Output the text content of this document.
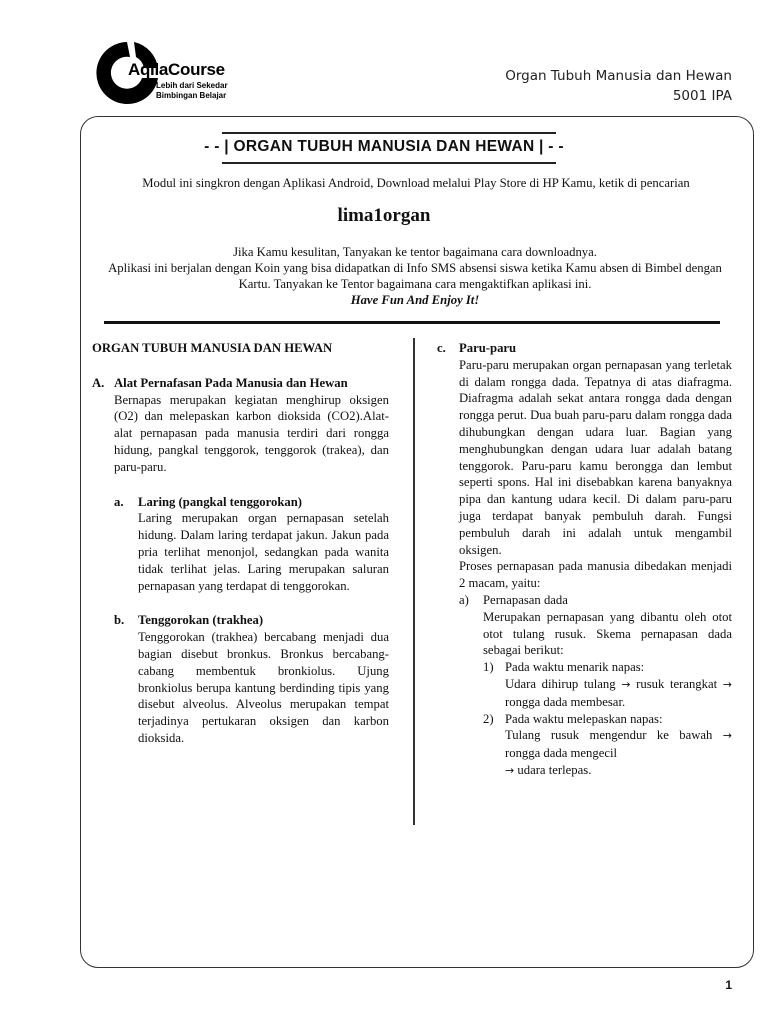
AqilaCourse
Lebih dari Sekedar
Bimbingan Belajar
Organ Tubuh Manusia dan Hewan
5001 IPA
- - | ORGAN TUBUH MANUSIA DAN HEWAN | - -
Modul ini singkron dengan Aplikasi Android, Download melalui Play Store di HP Kamu, ketik di pencarian
lima1organ
Jika Kamu kesulitan, Tanyakan ke tentor bagaimana cara downloadnya.
Aplikasi ini berjalan dengan Koin yang bisa didapatkan di Info SMS absensi siswa ketika Kamu absen di Bimbel dengan Kartu. Tanyakan ke Tentor bagaimana cara mengaktifkan aplikasi ini.
Have Fun And Enjoy It!
ORGAN TUBUH MANUSIA DAN HEWAN
A. Alat Pernafasan Pada Manusia dan Hewan
Bernapas merupakan kegiatan menghirup oksigen (O2) dan melepaskan karbon dioksida (CO2).Alat-alat pernapasan pada manusia terdiri dari rongga hidung, pangkal tenggorok, tenggorok (trakea), dan paru-paru.
a.	Laring (pangkal tenggorokan)
Laring merupakan organ pernapasan setelah hidung. Dalam laring terdapat jakun. Jakun pada pria terlihat menonjol, sedangkan pada wanita tidak terlihat jelas. Laring merupakan saluran pernapasan yang terdapat di tenggorokan.
b.	Tenggorokan (trakhea)
Tenggorokan (trakhea) bercabang menjadi dua bagian disebut bronkus. Bronkus bercabang-cabang membentuk bronkiolus. Ujung bronkiolus berupa kantung berdinding tipis yang disebut alveolus. Alveolus merupakan tempat terjadinya pertukaran oksigen dan karbon dioksida.
c.	Paru-paru
Paru-paru merupakan organ pernapasan yang terletak di dalam rongga dada. Tepatnya di atas diafragma. Diafragma adalah sekat antara rongga dada dengan rongga perut. Dua buah paru-paru dalam rongga dada dihubungkan dengan udara luar. Bagian yang menghubungkan dengan udara luar adalah batang tenggorok. Paru-paru kamu berongga dan lembut seperti spons. Hal ini disebabkan karena banyaknya pipa dan kantung udara kecil. Di dalam paru-paru juga terdapat banyak pembuluh darah. Fungsi pembuluh darah ini adalah untuk mengambil oksigen.
Proses pernapasan pada manusia dibedakan menjadi 2 macam, yaitu:
a)	Pernapasan dada
Merupakan pernapasan yang dibantu oleh otot otot tulang rusuk. Skema pernapasan dada sebagai berikut:
1) Pada waktu menarik napas:
Udara dihirup tulang → rusuk terangkat → rongga dada membesar.
2) Pada waktu melepaskan napas:
Tulang rusuk mengendur ke bawah → rongga dada mengecil
→ udara terlepas.
1
